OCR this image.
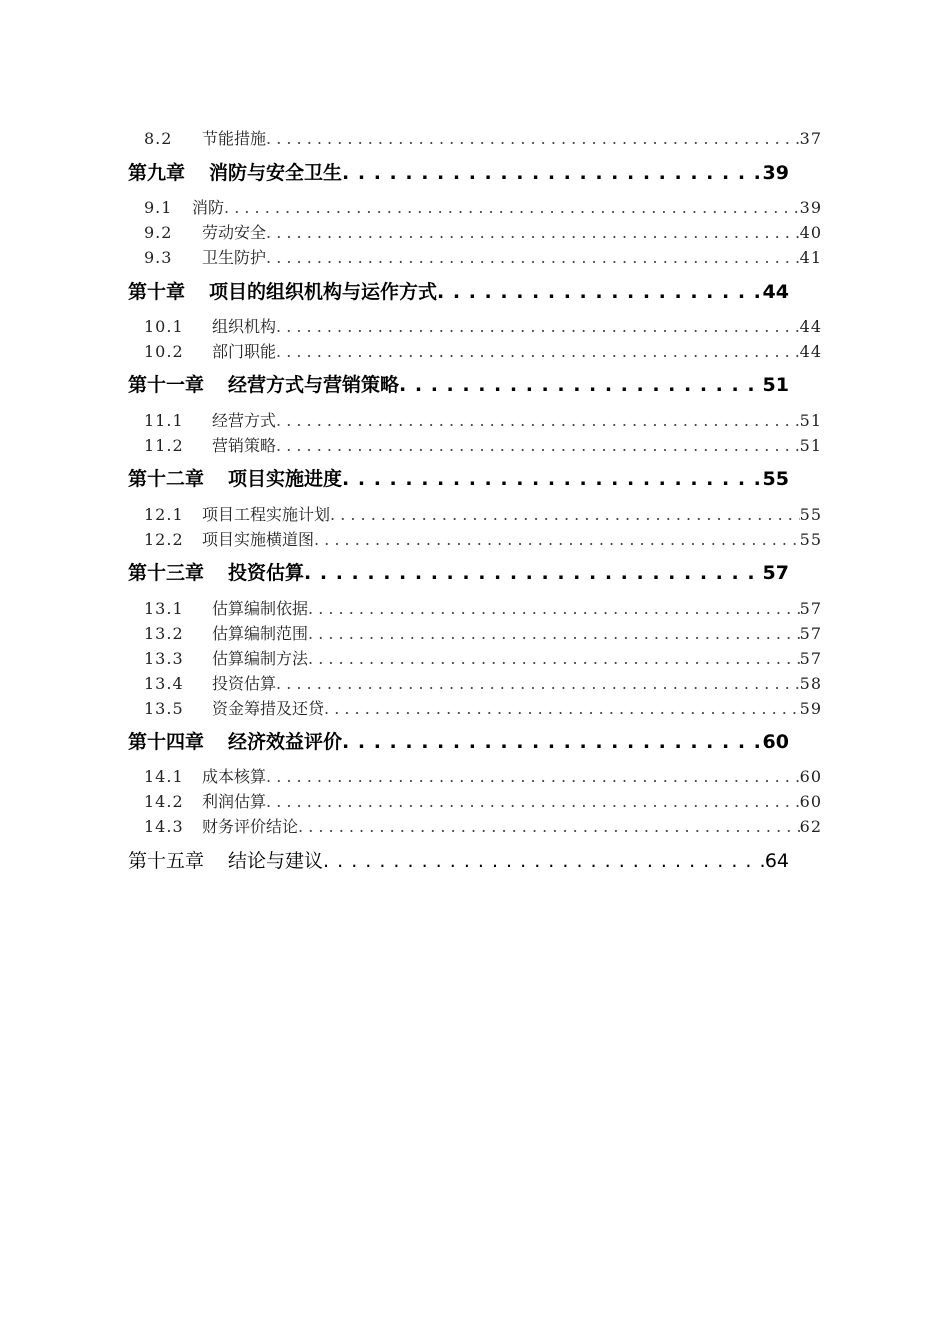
8.2 节能措施 . . .	37
第九章 消防与安全卫生 . . .	39
9.1 消防 . . .	39
9.2 劳动安全 . . .	40
9.3 卫生防护 . . .	41
第十章 项目的组织机构与运作方式 . . .	44
10.1 组织机构 . . .	44
10.2 部门职能 . . .	44
第十一章 经营方式与营销策略 . . .	51
11.1 经营方式 . . .	51
11.2 营销策略 . . .	51
第十二章 项目实施进度 . . .	55
12.1 项目工程实施计划 . . .	55
12.2 项目实施横道图 . . .	55
第十三章 投资估算 . . .	57
13.1 估算编制依据 . . .	57
13.2 估算编制范围 . . .	57
13.3 估算编制方法 . . .	57
13.4 投资估算 . . .	58
13.5 资金筹措及还贷 . . .	59
第十四章 经济效益评价 . . .	60
14.1 成本核算 . . .	60
14.2 利润估算 . . .	60
14.3 财务评价结论 . . .	62
第十五章 结论与建议 . . .	64
